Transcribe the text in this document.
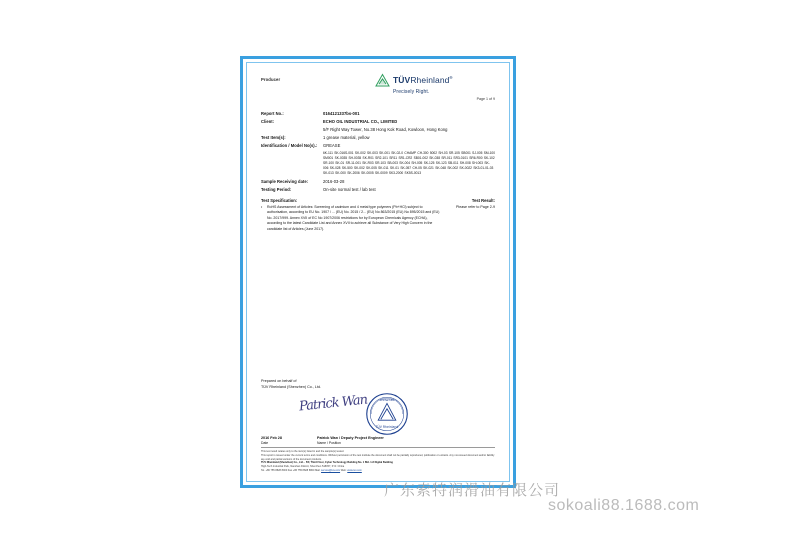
Producer	TÜVRheinland®
Precisely Right.
Page 1 of 9
Report No.:	0164121337bs-001
Client:	ECHO OIL INDUSTRIAL CO., LIMITED
5/F Right Way Tower, No.38 Hong Kok Road, Kowloon, Hong Kong
Test Item(s):	1 grease material, yellow
Identification / Model No(s).:	GREASE
6K-111 SK-016S-001 SK-002 SK-003 SK-001 SK-02-0 CHAMP CH-300 5002 SH-03 SR-105 SB001 SJ-005 SM-100 SM001 SK-0035 SH-0035 SK-R01 SR2-101 SR11 SR1-CR2 SB01-002 SK-038 SR-011 SR3-0101 SR6-R00 SK-102 SR-100 SK-01 SR-11-001 SK-R03 SR-103 SB-003 SK-004 SH-005 SK-125 SK-123 SB-011 SH-008 SH-003 SK-006 SK-028 SK-500 SK-002 SK-005 SK-011 SK-01 SK-057 CH-05 SK-021 SK-048 SK-002 SK-0022 SK3-01-01-03 SK-013 SK-000 SK-2006 SK-0005 SK-0009 SK3-2000 SK5S-0013
Sample Receiving date:	2016-03-28
Testing Period:	On-site normal test / lab test
Test Specification:	Test Result:
• RoHS Assessment of Articles: Screening of cadmium and 4 metal type polymers (Pb+HCl) subject to authorisation, according to EU No. 1907 / ... (EU) No. 2015 / 2... (EU) No 863/2015 (EU) No 895/2015 and (EU) No. 2017/999. Annex XVII of EC No 1907/2006 restrictions for by European Chemicals Agency (ECHA), according to the latest Candidate List and Annex XVII to achieve all Substance of Very High Concern in the candidate list of Articles (June 2017).
Please refer to Page 2-9
Prepared on behalf of
TÜV Rheinland (Shenzhen) Co., Ltd.
Patrick Wan
TÜV Rheinland
SHENZHEN
2016 Feb 28
Date
Patrick Wan / Deputy Project Engineer
Name / Position
This test result relates only to the item(s) listed in and the sample(s) tested.
This report is issued under the current terms and conditions. Without permission of the test institute the document shall not be partially reproduced, publication or extracts. Any non-issued document and/or liability are void and partial versions of the document products.
TÜV Rheinland (Shenzhen) Co., Ltd. · 5/F, Third Floor, Cyber Technology Building No. 1 Bld. 1-8 Digital Building
High-Tech Industrial Park, Nanshan District, Shenzhen 518057, P. R. China
Tel. +86 755 8828 8000 Fax +86 755 8828 8800 Mail: service@tuv.com Web: www.tuv.com
广东索特润滑油有限公司
sokoali88.1688.com
